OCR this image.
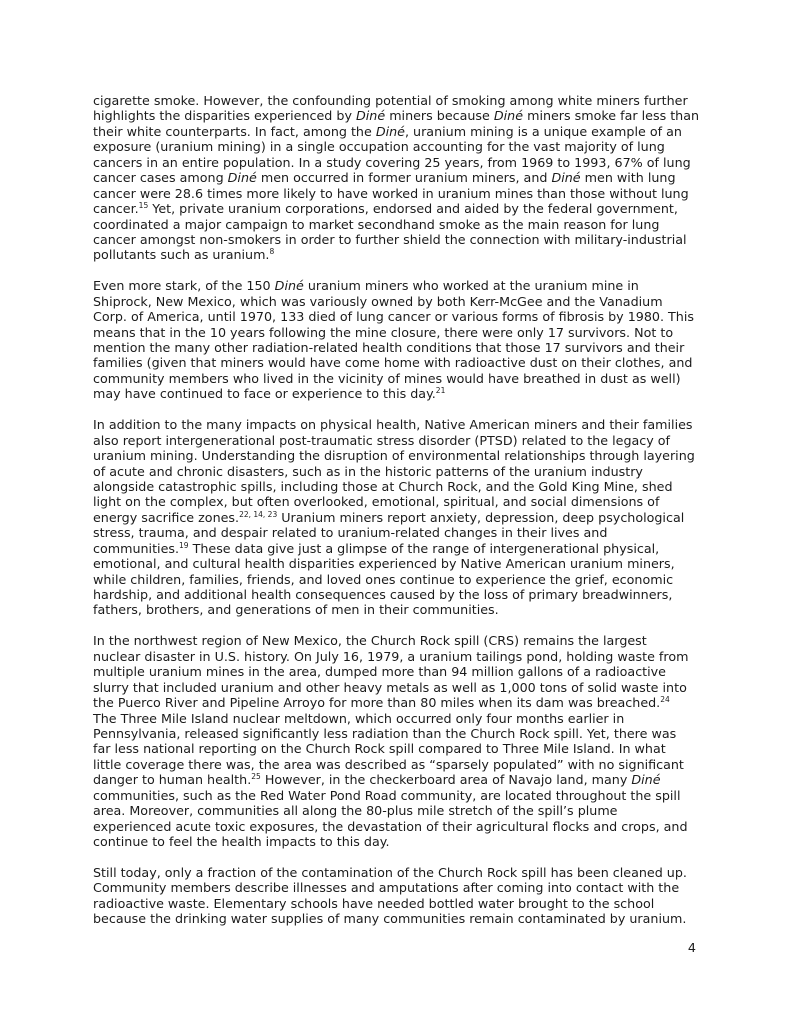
cigarette smoke. However, the confounding potential of smoking among white miners further
highlights the disparities experienced by Diné miners because Diné miners smoke far less than
their white counterparts. In fact, among the Diné, uranium mining is a unique example of an
exposure (uranium mining) in a single occupation accounting for the vast majority of lung
cancers in an entire population. In a study covering 25 years, from 1969 to 1993, 67% of lung
cancer cases among Diné men occurred in former uranium miners, and Diné men with lung
cancer were 28.6 times more likely to have worked in uranium mines than those without lung
cancer.$^{15}$ Yet, private uranium corporations, endorsed and aided by the federal government,
coordinated a major campaign to market secondhand smoke as the main reason for lung
cancer amongst non-smokers in order to further shield the connection with military-industrial
pollutants such as uranium.$^8$
Even more stark, of the 150 Diné uranium miners who worked at the uranium mine in
Shiprock, New Mexico, which was variously owned by both Kerr-McGee and the Vanadium
Corp. of America, until 1970, 133 died of lung cancer or various forms of fibrosis by 1980. This
means that in the 10 years following the mine closure, there were only 17 survivors. Not to
mention the many other radiation-related health conditions that those 17 survivors and their
families (given that miners would have come home with radioactive dust on their clothes, and
community members who lived in the vicinity of mines would have breathed in dust as well)
may have continued to face or experience to this day.$^{21}$
In addition to the many impacts on physical health, Native American miners and their families
also report intergenerational post-traumatic stress disorder (PTSD) related to the legacy of
uranium mining. Understanding the disruption of environmental relationships through layering
of acute and chronic disasters, such as in the historic patterns of the uranium industry
alongside catastrophic spills, including those at Church Rock, and the Gold King Mine, shed
light on the complex, but often overlooked, emotional, spiritual, and social dimensions of
energy sacrifice zones.$^{22, 14, 23}$ Uranium miners report anxiety, depression, deep psychological
stress, trauma, and despair related to uranium-related changes in their lives and
communities.$^{19}$ These data give just a glimpse of the range of intergenerational physical,
emotional, and cultural health disparities experienced by Native American uranium miners,
while children, families, friends, and loved ones continue to experience the grief, economic
hardship, and additional health consequences caused by the loss of primary breadwinners,
fathers, brothers, and generations of men in their communities.
In the northwest region of New Mexico, the Church Rock spill (CRS) remains the largest
nuclear disaster in U.S. history. On July 16, 1979, a uranium tailings pond, holding waste from
multiple uranium mines in the area, dumped more than 94 million gallons of a radioactive
slurry that included uranium and other heavy metals as well as 1,000 tons of solid waste into
the Puerco River and Pipeline Arroyo for more than 80 miles when its dam was breached.$^{24}$
The Three Mile Island nuclear meltdown, which occurred only four months earlier in
Pennsylvania, released significantly less radiation than the Church Rock spill. Yet, there was
far less national reporting on the Church Rock spill compared to Three Mile Island. In what
little coverage there was, the area was described as “sparsely populated” with no significant
danger to human health.$^{25}$ However, in the checkerboard area of Navajo land, many Diné
communities, such as the Red Water Pond Road community, are located throughout the spill
area. Moreover, communities all along the 80-plus mile stretch of the spill’s plume
experienced acute toxic exposures, the devastation of their agricultural flocks and crops, and
continue to feel the health impacts to this day.
Still today, only a fraction of the contamination of the Church Rock spill has been cleaned up.
Community members describe illnesses and amputations after coming into contact with the
radioactive waste. Elementary schools have needed bottled water brought to the school
because the drinking water supplies of many communities remain contaminated by uranium.
4
